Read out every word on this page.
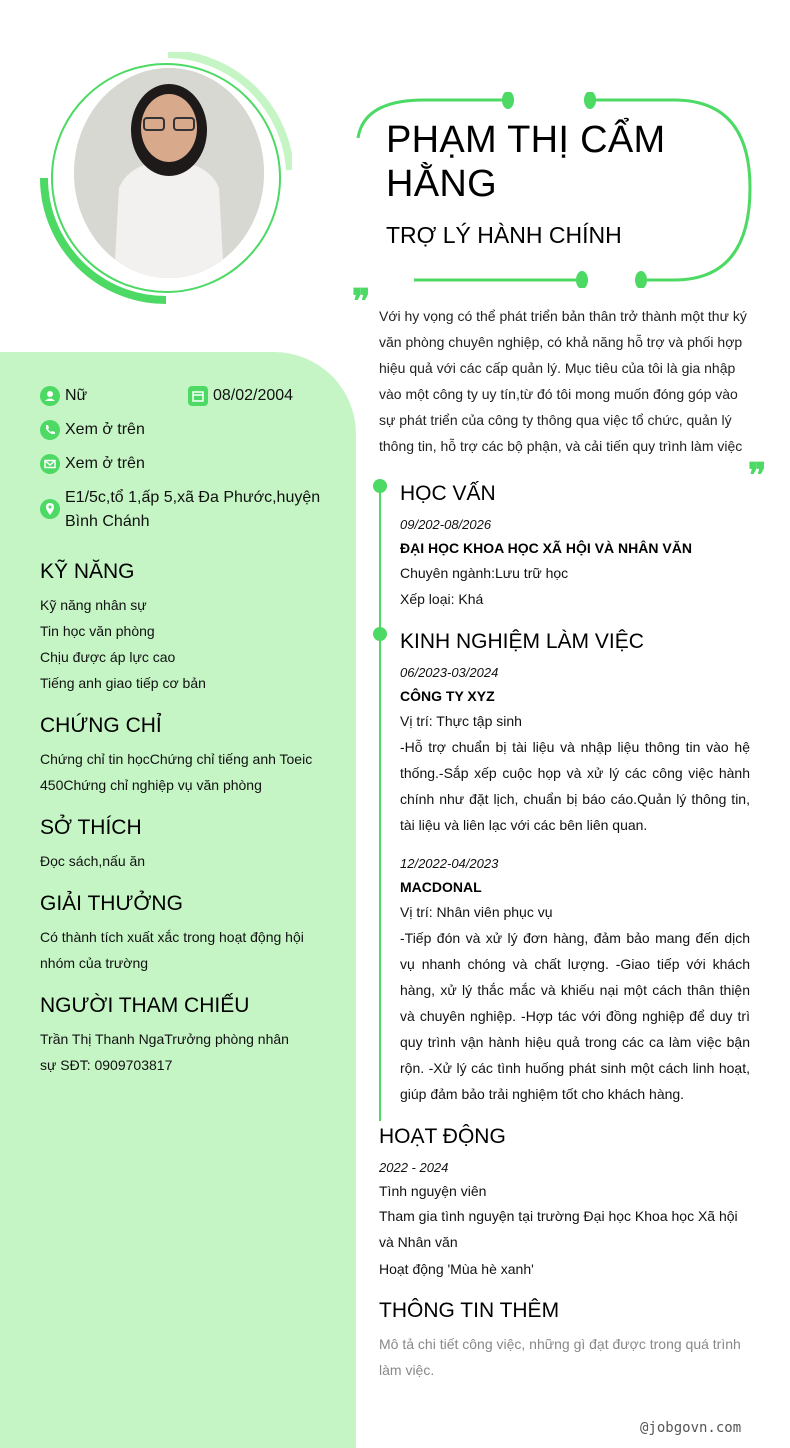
PHẠM THỊ CẨM HẰNG
TRỢ LÝ HÀNH CHÍNH
❞ Với hy vọng có thể phát triển bản thân trở thành một thư ký văn phòng chuyên nghiệp, có khả năng hỗ trợ và phối hợp hiệu quả với các cấp quản lý. Mục tiêu của tôi là gia nhập vào một công ty uy tín,từ đó tôi mong muốn đóng góp vào sự phát triển của công ty thông qua việc tổ chức, quản lý thông tin, hỗ trợ các bộ phận, và cải tiến quy trình làm việc
❞
Nữ	08/02/2004
Xem ở trên
Xem ở trên
E1/5c,tổ 1,ấp 5,xã Đa Phước,huyện Bình Chánh
KỸ NĂNG
Kỹ năng nhân sự
Tin học văn phòng
Chịu được áp lực cao
Tiếng anh giao tiếp cơ bản
CHỨNG CHỈ
Chứng chỉ tin họcChứng chỉ tiếng anh Toeic 450Chứng chỉ nghiệp vụ văn phòng
SỞ THÍCH
Đọc sách,nấu ăn
GIẢI THƯỞNG
Có thành tích xuất xắc trong hoạt động hội nhóm của trường
NGƯỜI THAM CHIẾU
Trần Thị Thanh NgaTrưởng phòng nhân sự SĐT: 0909703817
HỌC VẤN
09/202-08/2026
ĐẠI HỌC KHOA HỌC XÃ HỘI VÀ NHÂN VĂN
Chuyên ngành:Lưu trữ học
Xếp loại: Khá
KINH NGHIỆM LÀM VIỆC
06/2023-03/2024
CÔNG TY XYZ
Vị trí: Thực tập sinh
-Hỗ trợ chuẩn bị tài liệu và nhập liệu thông tin vào hệ thống.-Sắp xếp cuộc họp và xử lý các công việc hành chính như đặt lịch, chuẩn bị báo cáo.Quản lý thông tin, tài liệu và liên lạc với các bên liên quan.
12/2022-04/2023
MACDONAL
Vị trí: Nhân viên phục vụ
-Tiếp đón và xử lý đơn hàng, đảm bảo mang đến dịch vụ nhanh chóng và chất lượng. -Giao tiếp với khách hàng, xử lý thắc mắc và khiếu nại một cách thân thiện và chuyên nghiệp. -Hợp tác với đồng nghiệp để duy trì quy trình vận hành hiệu quả trong các ca làm việc bận rộn. -Xử lý các tình huống phát sinh một cách linh hoạt, giúp đảm bảo trải nghiệm tốt cho khách hàng.
HOẠT ĐỘNG
2022 - 2024
Tình nguyện viên
Tham gia tình nguyện tại trường Đại học Khoa học Xã hội và Nhân văn
Hoạt động 'Mùa hè xanh'
THÔNG TIN THÊM
Mô tả chi tiết công việc, những gì đạt được trong quá trình làm việc.
@jobgovn.com
